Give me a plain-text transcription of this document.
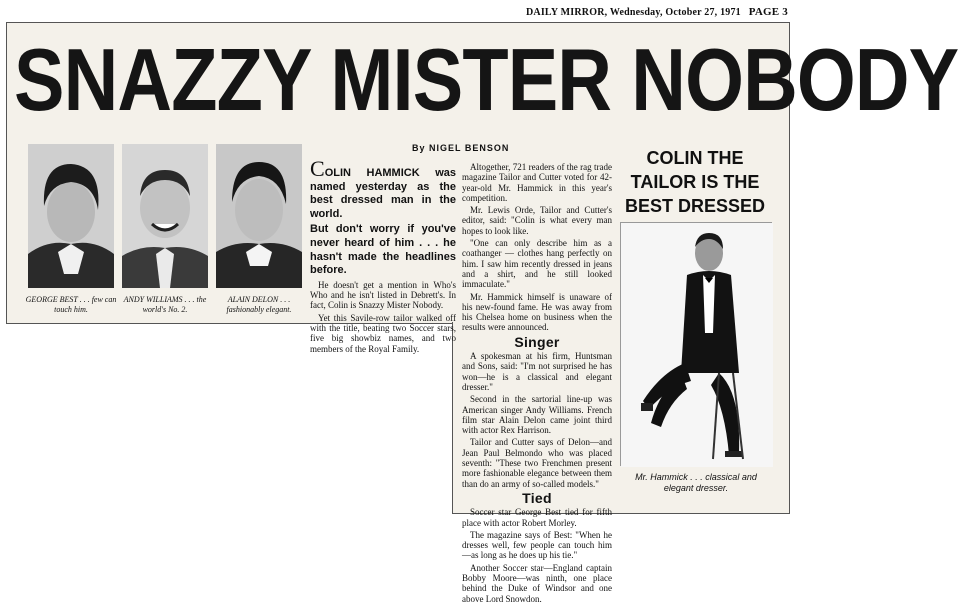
DAILY MIRROR, Wednesday, October 27, 1971 PAGE 3
SNAZZY MISTER NOBODY
GEORGE BEST . . . few can touch him.
ANDY WILLIAMS . . . the world's No. 2.
ALAIN DELON . . . fashionably elegant.
By NIGEL BENSON

COLIN HAMMICK was named yesterday as the best dressed man in the world.

But don't worry if you've never heard of him . . . he hasn't made the headlines before.

He doesn't get a mention in Who's Who and he isn't listed in Debrett's. In fact, Colin is Snazzy Mister Nobody.

Yet this Savile-row tailor walked off with the title, beating two Soccer stars, five big showbiz names, and two members of the Royal Family.

Altogether, 721 readers of the rag trade magazine Tailor and Cutter voted for 42-year-old Mr. Hammick in this year's competition.

Mr. Lewis Orde, Tailor and Cutter's editor, said: "Colin is what every man hopes to look like.

"One can only describe him as a coathanger — clothes hang perfectly on him. I saw him recently dressed in jeans and a shirt, and he still looked immaculate."

Mr. Hammick himself is unaware of his new-found fame. He was away from his Chelsea home on business when the results were announced.

Singer

A spokesman at his firm, Huntsman and Sons, said: "I'm not surprised he has won—he is a classical and elegant dresser."

Second in the sartorial line-up was American singer Andy Williams. French film star Alain Delon came joint third with actor Rex Harrison.

Tailor and Cutter says of Delon—and Jean Paul Belmondo who was placed seventh: "These two Frenchmen present more fashionable elegance between them than do an army of so-called models."

Tied

Soccer star George Best tied for fifth place with actor Robert Morley.

The magazine says of Best: "When he dresses well, few people can touch him—as long as he does up his tie."

Another Soccer star—England captain Bobby Moore—was ninth, one place behind the Duke of Windsor and one above Lord Snowdon.

COLIN THE TAILOR IS THE BEST DRESSED
Mr. Hammick . . . classical and elegant dresser.
